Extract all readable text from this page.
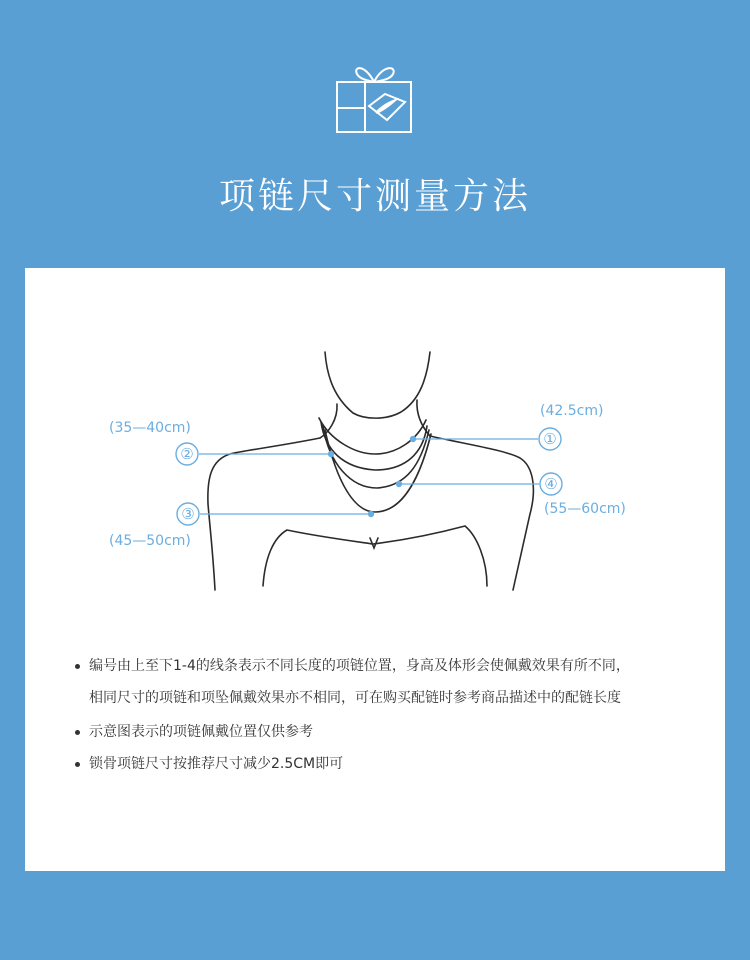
项链尺寸测量方法
①
②
③
④
(42.5cm)
(35—40cm)
(45—50cm)
(55—60cm)
编号由上至下1-4的线条表示不同长度的项链位置，身高及体形会使佩戴效果有所不同，
相同尺寸的项链和项坠佩戴效果亦不相同，可在购买配链时参考商品描述中的配链长度
示意图表示的项链佩戴位置仅供参考
锁骨项链尺寸按推荐尺寸减少2.5CM即可
